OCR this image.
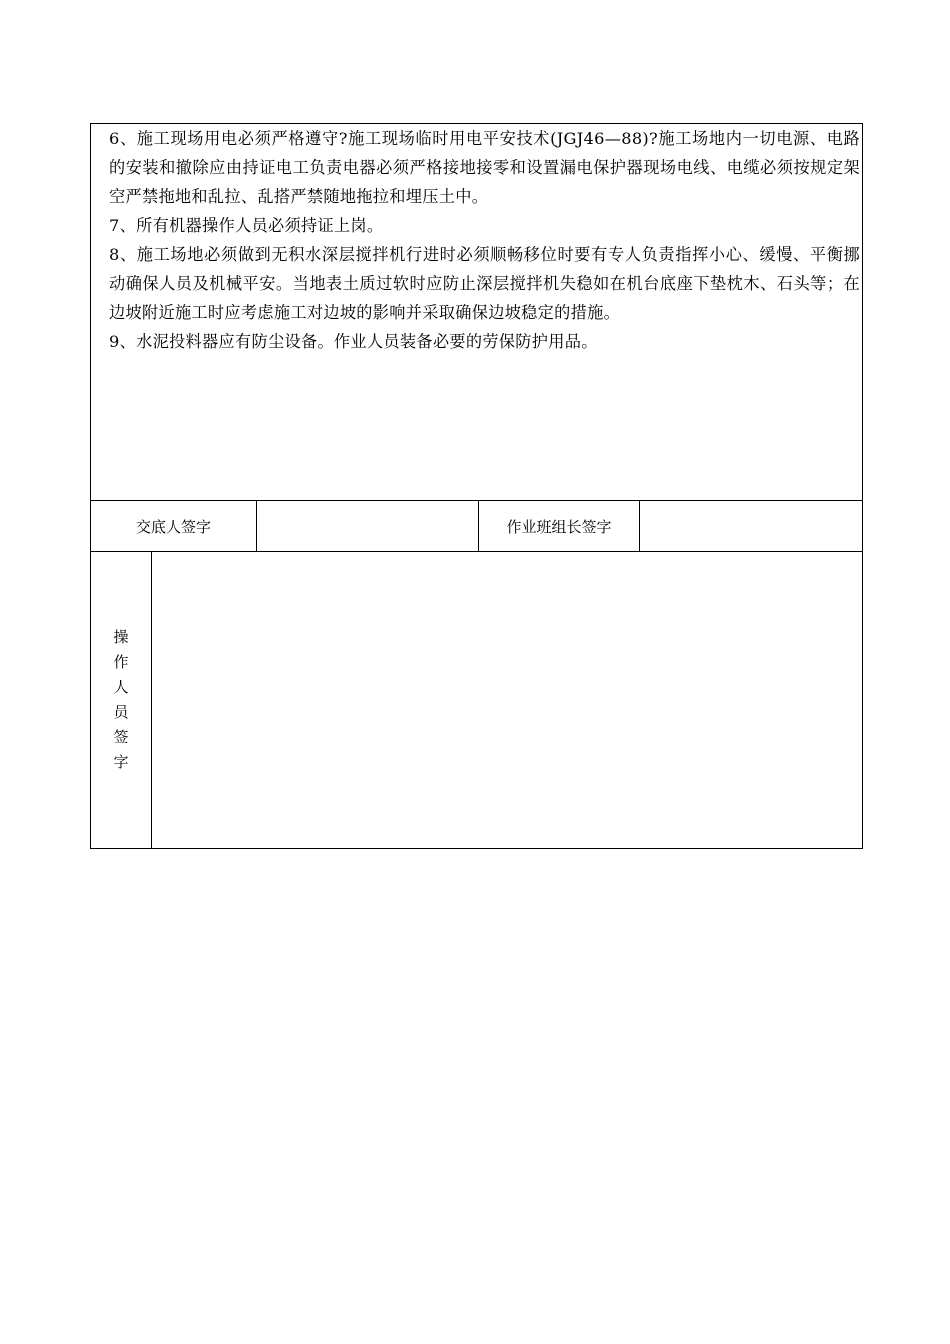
6、施工现场用电必须严格遵守?施工现场临时用电平安技术(JGJ46—88)?施工场地内一切电源、电路的安装和撤除应由持证电工负责电器必须严格接地接零和设置漏电保护器现场电线、电缆必须按规定架空严禁拖地和乱拉、乱搭严禁随地拖拉和埋压土中。

7、所有机器操作人员必须持证上岗。

8、施工场地必须做到无积水深层搅拌机行进时必须顺畅移位时要有专人负责指挥小心、缓慢、平衡挪动确保人员及机械平安。当地表土质过软时应防止深层搅拌机失稳如在机台底座下垫枕木、石头等；在边坡附近施工时应考虑施工对边坡的影响并采取确保边坡稳定的措施。

9、水泥投料器应有防尘设备。作业人员装备必要的劳保防护用品。				

交底人签字			作业班组长签字	

操作人员签字				
